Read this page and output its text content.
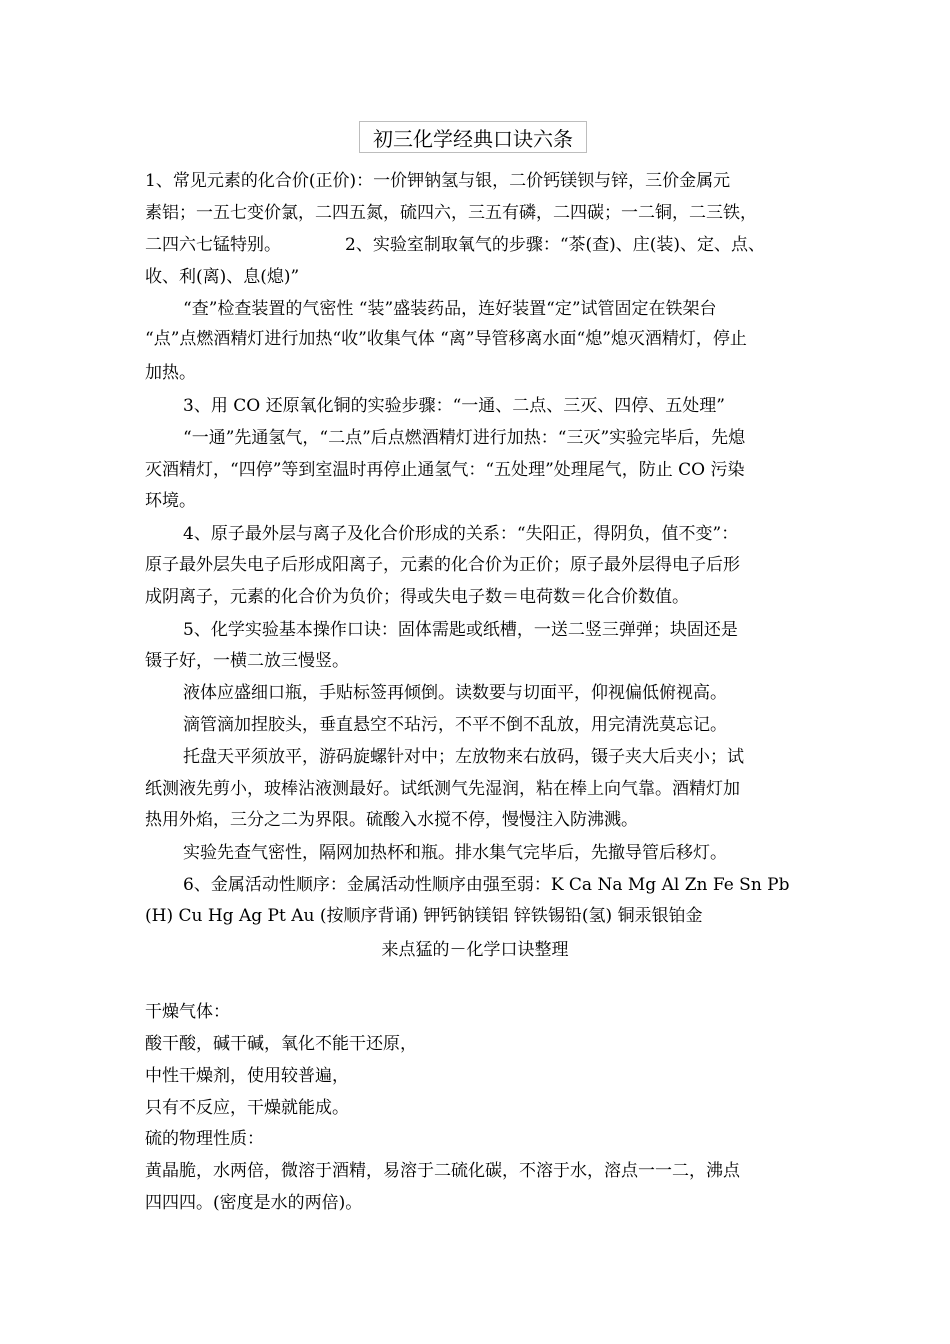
初三化学经典口诀六条
1、常见元素的化合价(正价)：一价钾钠氢与银，二价钙镁钡与锌，三价金属元
素铝；一五七变价氯，二四五氮，硫四六，三五有磷，二四碳；一二铜，二三铁，
二四六七锰特别。	2、实验室制取氧气的步骤：“茶(查)、庄(装)、定、点、
收、利(离)、息(熄)”
“查”检查装置的气密性 “装”盛装药品，连好装置“定”试管固定在铁架台
“点”点燃酒精灯进行加热“收”收集气体 “离”导管移离水面“熄”熄灭酒精灯，停止
加热。
3、用 CO 还原氧化铜的实验步骤：“一通、二点、三灭、四停、五处理”
“一通”先通氢气，“二点”后点燃酒精灯进行加热：“三灭”实验完毕后，先熄
灭酒精灯，“四停”等到室温时再停止通氢气：“五处理”处理尾气，防止 CO 污染
环境。
4、原子最外层与离子及化合价形成的关系：“失阳正，得阴负，值不变”：
原子最外层失电子后形成阳离子，元素的化合价为正价；原子最外层得电子后形
成阴离子，元素的化合价为负价；得或失电子数＝电荷数＝化合价数值。
5、化学实验基本操作口诀：固体需匙或纸槽，一送二竖三弹弹；块固还是
镊子好，一横二放三慢竖。
液体应盛细口瓶，手贴标签再倾倒。读数要与切面平，仰视偏低俯视高。
滴管滴加捏胶头，垂直悬空不玷污，不平不倒不乱放，用完清洗莫忘记。
托盘天平须放平，游码旋螺针对中；左放物来右放码，镊子夹大后夹小；试
纸测液先剪小，玻棒沾液测最好。试纸测气先湿润，粘在棒上向气靠。酒精灯加
热用外焰，三分之二为界限。硫酸入水搅不停，慢慢注入防沸溅。
实验先查气密性，隔网加热杯和瓶。排水集气完毕后，先撤导管后移灯。
6、金属活动性顺序：金属活动性顺序由强至弱：K Ca Na Mg Al Zn Fe Sn Pb
(H) Cu Hg Ag Pt Au (按顺序背诵) 钾钙钠镁铝 锌铁锡铅(氢) 铜汞银铂金
来点猛的－化学口诀整理
干燥气体：
酸干酸，碱干碱，氧化不能干还原，
中性干燥剂，使用较普遍，
只有不反应，干燥就能成。
硫的物理性质：
黄晶脆，水两倍，微溶于酒精，易溶于二硫化碳，不溶于水，溶点一一二，沸点
四四四。(密度是水的两倍)。
